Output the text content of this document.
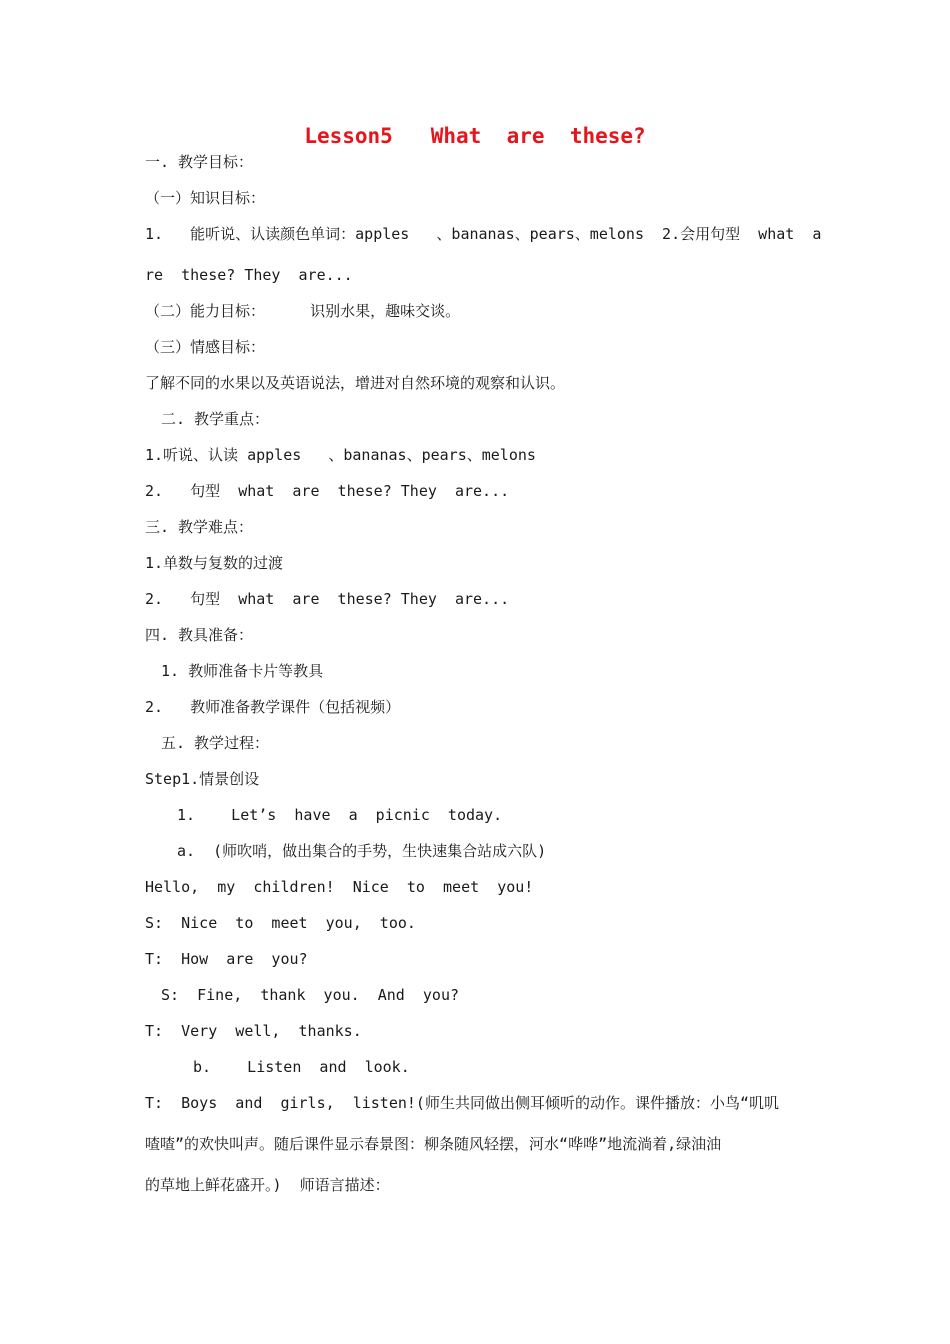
Lesson5   What  are  these?
一. 教学目标：
（一）知识目标：
1.   能听说、认读颜色单词：apples   、bananas、pears、melons  2.会用句型  what  a
re  these? They  are...
（二）能力目标：     识别水果，趣味交谈。
（三）情感目标：
了解不同的水果以及英语说法，增进对自然环境的观察和认识。
二. 教学重点：
1.听说、认读 apples   、bananas、pears、melons
2.   句型  what  are  these? They  are...
三. 教学难点：
1.单数与复数的过渡
2.   句型  what  are  these? They  are...
四. 教具准备：
1. 教师准备卡片等教具
2.   教师准备教学课件（包括视频）
五. 教学过程：
Step1.情景创设
1.    Let’s  have  a  picnic  today.
a.  (师吹哨，做出集合的手势，生快速集合站成六队)
Hello,  my  children!  Nice  to  meet  you!
S:  Nice  to  meet  you,  too.
T:  How  are  you?
S:  Fine,  thank  you.  And  you?
T:  Very  well,  thanks.
b.    Listen  and  look.
T:  Boys  and  girls,  listen!(师生共同做出侧耳倾听的动作。课件播放：小鸟“叽叽
喳喳”的欢快叫声。随后课件显示春景图：柳条随风轻摆，河水“哗哗”地流淌着,绿油油
的草地上鲜花盛开。)  师语言描述：
